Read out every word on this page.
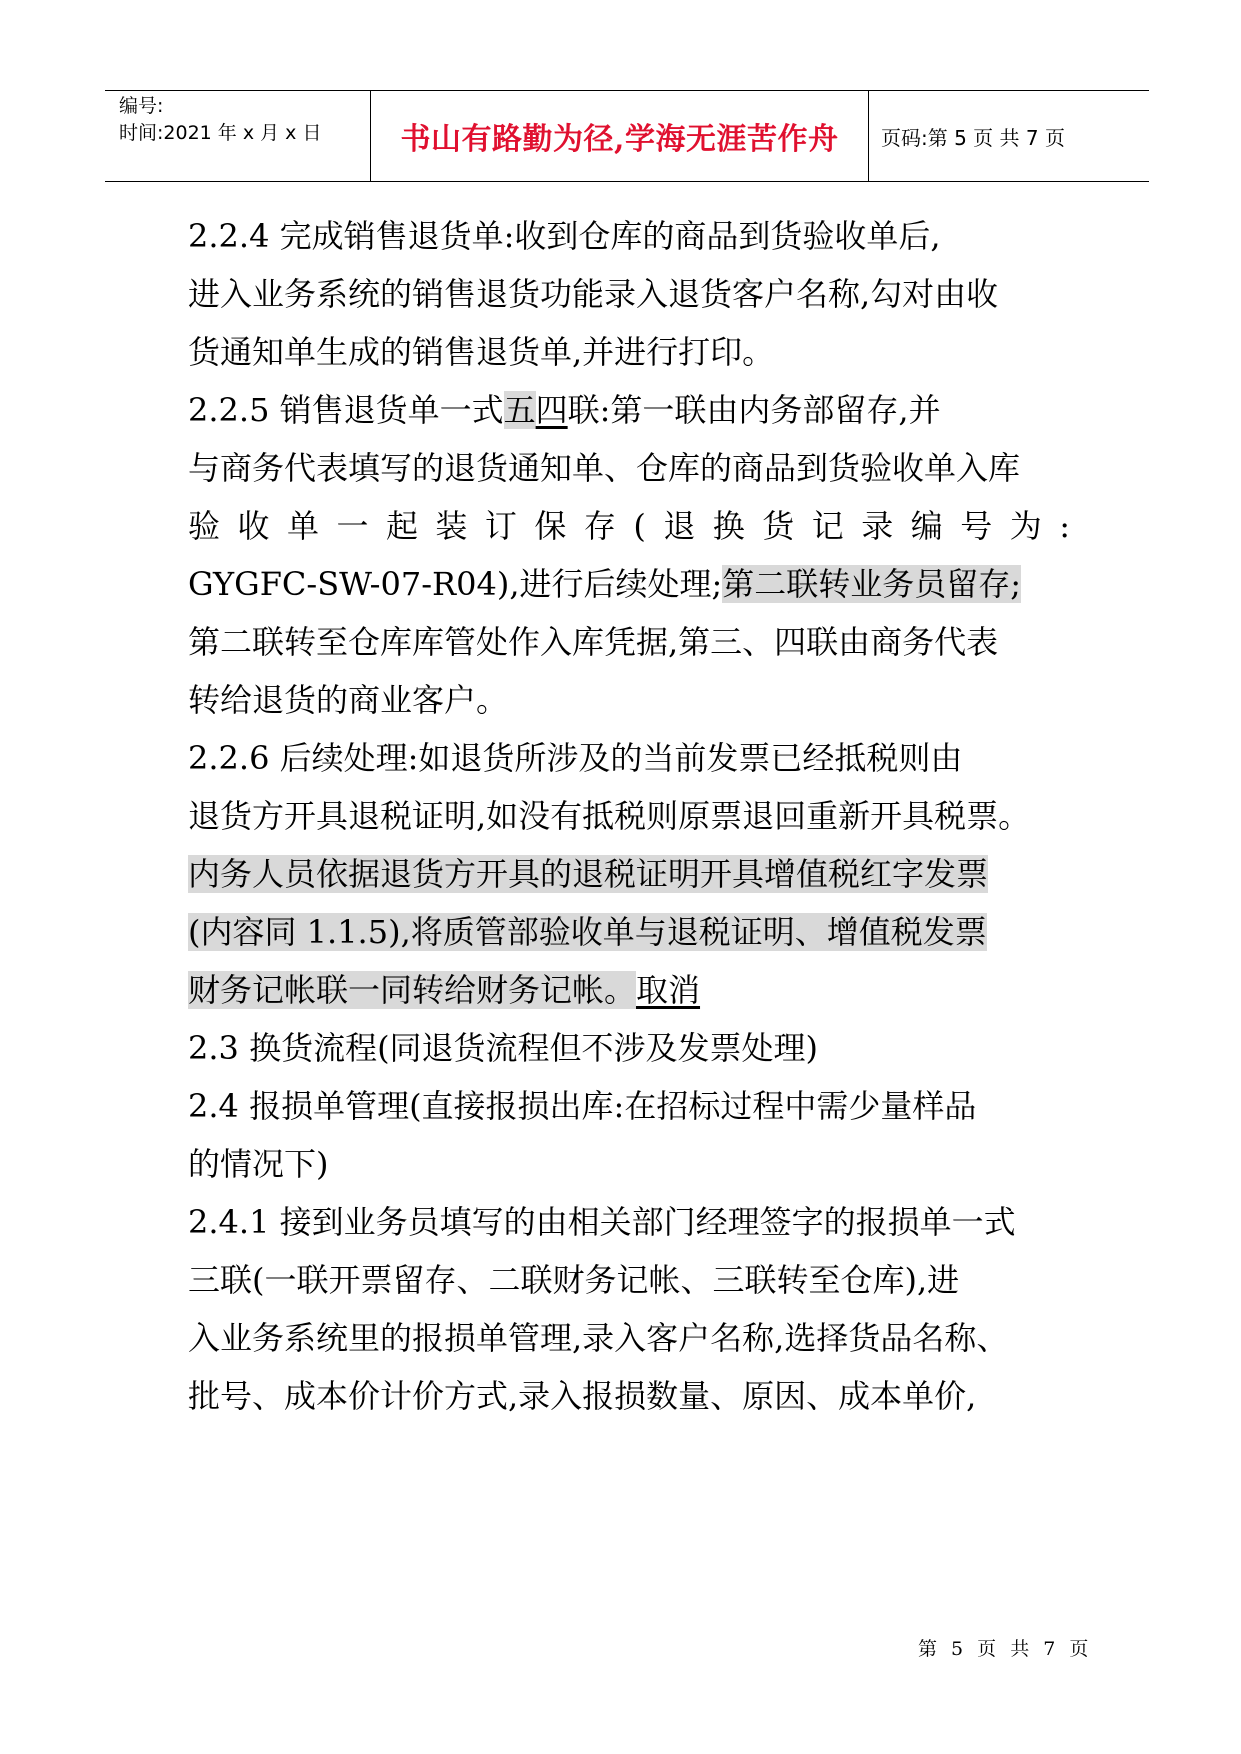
编号:
时间:2021 年 x 月 x 日	书山有路勤为径,学海无涯苦作舟 页码:第 5 页 共 7 页
2.2.4 完成销售退货单:收到仓库的商品到货验收单后,
进入业务系统的销售退货功能录入退货客户名称,勾对由收
货通知单生成的销售退货单,并进行打印。
2.2.5 销售退货单一式五四联:第一联由内务部留存,并
与商务代表填写的退货通知单、仓库的商品到货验收单入库
验 收 单 一 起 装 订 保 存 ( 退 换 货 记 录 编 号 为 :
GYGFC-SW-07-R04),进行后续处理;第二联转业务员留存;
第二联转至仓库库管处作入库凭据,第三、四联由商务代表
转给退货的商业客户。
2.2.6 后续处理:如退货所涉及的当前发票已经抵税则由
退货方开具退税证明,如没有抵税则原票退回重新开具税票。
内务人员依据退货方开具的退税证明开具增值税红字发票
(内容同 1.1.5),将质管部验收单与退税证明、增值税发票
财务记帐联一同转给财务记帐。取消
2.3 换货流程(同退货流程但不涉及发票处理)
2.4 报损单管理(直接报损出库:在招标过程中需少量样品
的情况下)
2.4.1 接到业务员填写的由相关部门经理签字的报损单一式
三联(一联开票留存、二联财务记帐、三联转至仓库),进
入业务系统里的报损单管理,录入客户名称,选择货品名称、
批号、成本价计价方式,录入报损数量、原因、成本单价,
第 5 页 共 7 页
